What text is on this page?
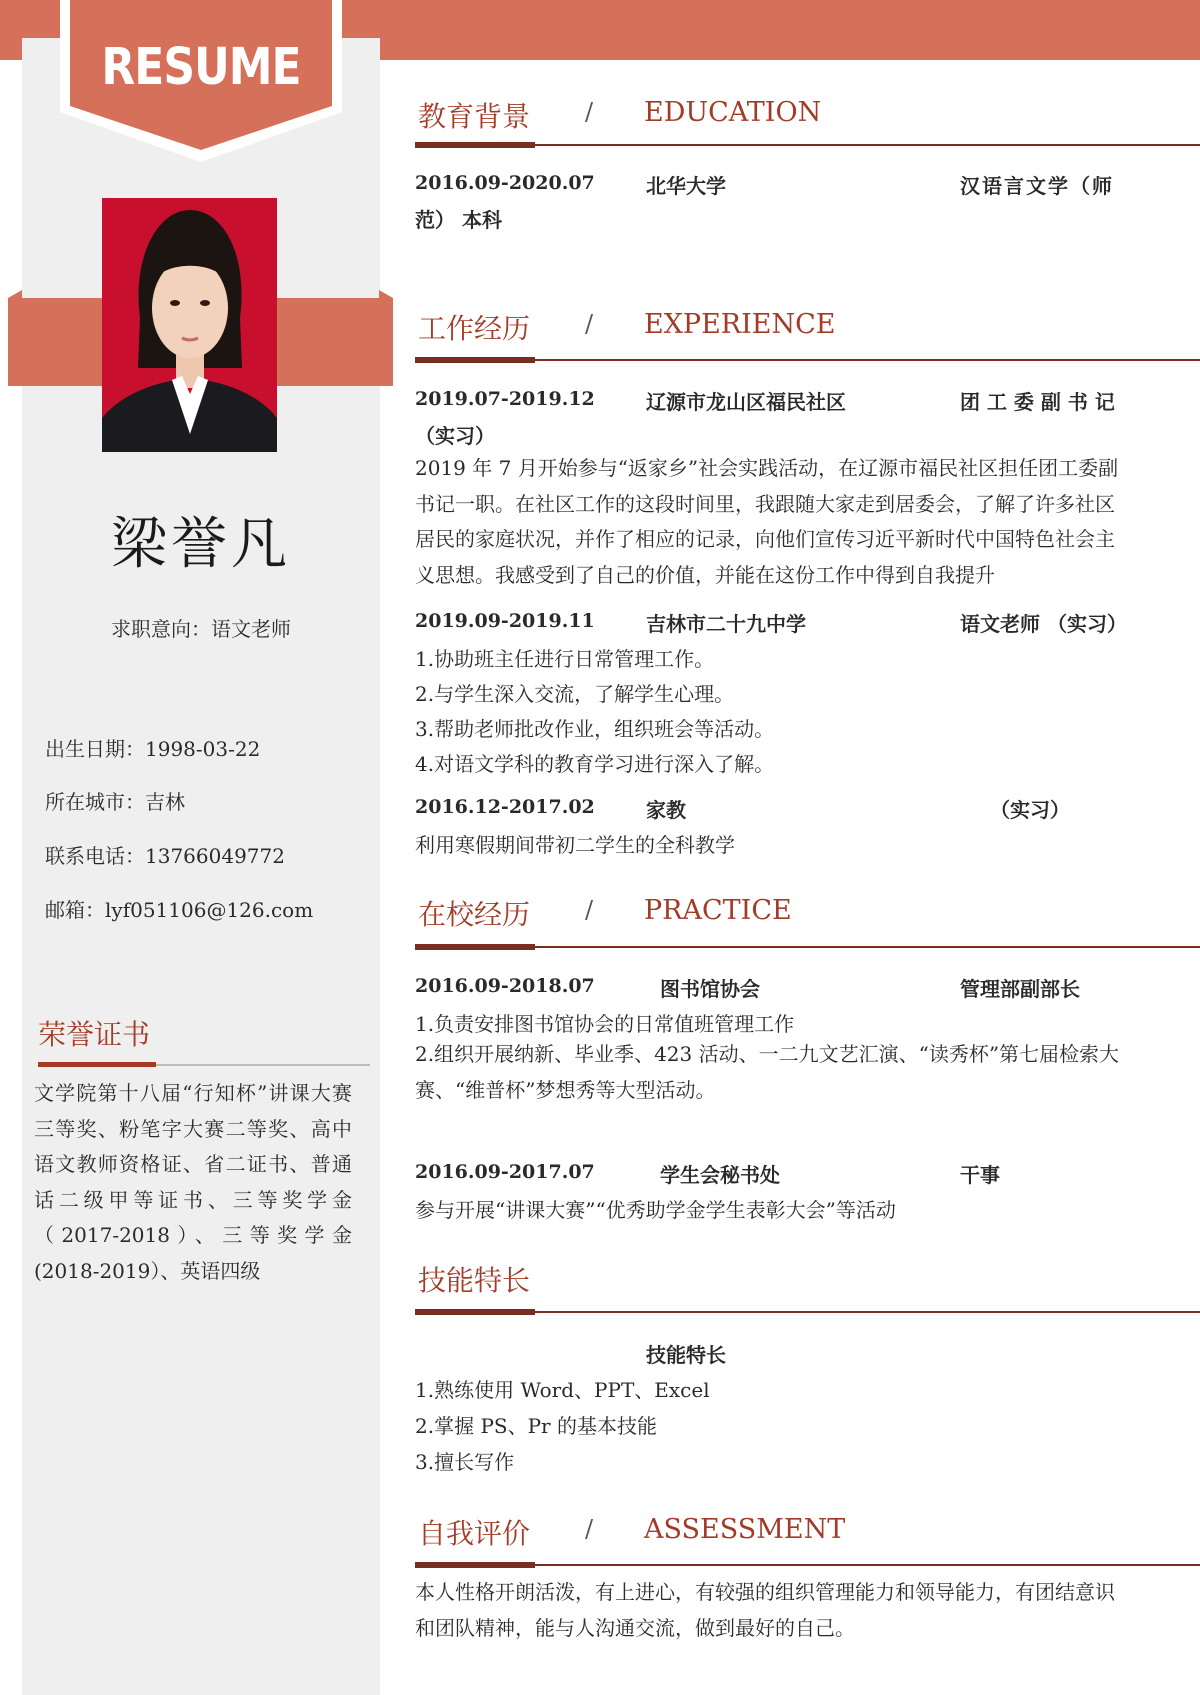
RESUME
梁誉凡
求职意向：语文老师
出生日期：1998-03-22
所在城市：吉林
联系电话：13766049772
邮箱：lyf051106@126.com
荣誉证书
文学院第十八届“行知杯”讲课大赛三等奖、粉笔字大赛二等奖、高中语文教师资格证、省二证书、普通话二级甲等证书、三等奖学金（2017-2018）、三等奖学金(2018-2019）、英语四级
教育背景 / EDUCATION
2016.09-2020.07	北华大学	汉语言文学（师
范） 本科
工作经历 / EXPERIENCE
2019.07-2019.12	辽源市龙山区福民社区	团 工 委 副 书 记
（实习）
2019 年 7 月开始参与“返家乡”社会实践活动，在辽源市福民社区担任团工委副书记一职。在社区工作的这段时间里，我跟随大家走到居委会，了解了许多社区居民的家庭状况，并作了相应的记录，向他们宣传习近平新时代中国特色社会主义思想。我感受到了自己的价值，并能在这份工作中得到自我提升
2019.09-2019.11	吉林市二十九中学	语文老师 （实习）
1.协助班主任进行日常管理工作。
2.与学生深入交流，了解学生心理。
3.帮助老师批改作业，组织班会等活动。
4.对语文学科的教育学习进行深入了解。
2016.12-2017.02	家教	（实习）
利用寒假期间带初二学生的全科教学
在校经历 / PRACTICE
2016.09-2018.07	图书馆协会	管理部副部长
1.负责安排图书馆协会的日常值班管理工作
2.组织开展纳新、毕业季、423 活动、一二九文艺汇演、“读秀杯”第七届检索大赛、“维普杯”梦想秀等大型活动。
2016.09-2017.07	学生会秘书处	干事
参与开展“讲课大赛”“优秀助学金学生表彰大会”等活动
技能特长
技能特长
1.熟练使用 Word、PPT、Excel
2.掌握 PS、Pr 的基本技能
3.擅长写作
自我评价 / ASSESSMENT
本人性格开朗活泼，有上进心，有较强的组织管理能力和领导能力，有团结意识和团队精神，能与人沟通交流，做到最好的自己。
